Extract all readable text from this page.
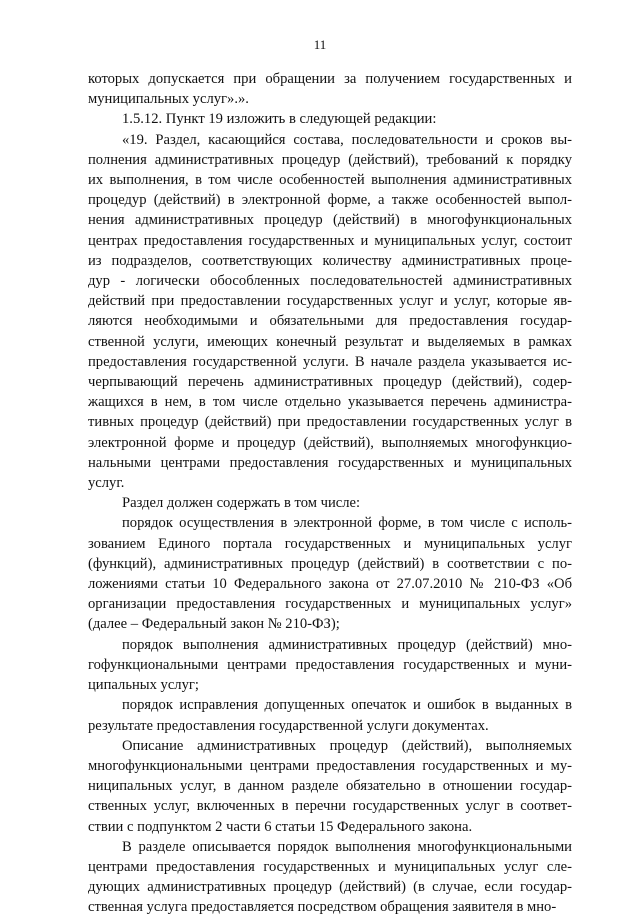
11

которых допускается при обращении за получением государственных и
муниципальных услуг».».

1.5.12. Пункт 19 изложить в следующей редакции:

«19. Раздел, касающийся состава, последовательности и сроков вы-
полнения административных процедур (действий), требований к порядку
их выполнения, в том числе особенностей выполнения административных
процедур (действий) в электронной форме, а также особенностей выпол-
нения административных процедур (действий) в многофункциональных
центрах предоставления государственных и муниципальных услуг, состоит
из подразделов, соответствующих количеству административных проце-
дур - логически обособленных последовательностей административных
действий при предоставлении государственных услуг и услуг, которые яв-
ляются необходимыми и обязательными для предоставления государ-
ственной услуги, имеющих конечный результат и выделяемых в рамках
предоставления государственной услуги. В начале раздела указывается ис-
черпывающий перечень административных процедур (действий), содер-
жащихся в нем, в том числе отдельно указывается перечень администра-
тивных процедур (действий) при предоставлении государственных услуг в
электронной форме и процедур (действий), выполняемых многофункцио-
нальными центрами предоставления государственных и муниципальных
услуг.

Раздел должен содержать в том числе:

порядок осуществления в электронной форме, в том числе с исполь-
зованием Единого портала государственных и муниципальных услуг
(функций), административных процедур (действий) в соответствии с по-
ложениями статьи 10 Федерального закона от 27.07.2010 № 210-ФЗ «Об
организации предоставления государственных и муниципальных услуг»
(далее – Федеральный закон № 210-ФЗ);

порядок выполнения административных процедур (действий) мно-
гофункциональными центрами предоставления государственных и муни-
ципальных услуг;

порядок исправления допущенных опечаток и ошибок в выданных в
результате предоставления государственной услуги документах.

Описание административных процедур (действий), выполняемых
многофункциональными центрами предоставления государственных и му-
ниципальных услуг, в данном разделе обязательно в отношении государ-
ственных услуг, включенных в перечни государственных услуг в соответ-
ствии с подпунктом 2 части 6 статьи 15 Федерального закона.

В разделе описывается порядок выполнения многофункциональными
центрами предоставления государственных и муниципальных услуг сле-
дующих административных процедур (действий) (в случае, если государ-
ственная услуга предоставляется посредством обращения заявителя в мно-
